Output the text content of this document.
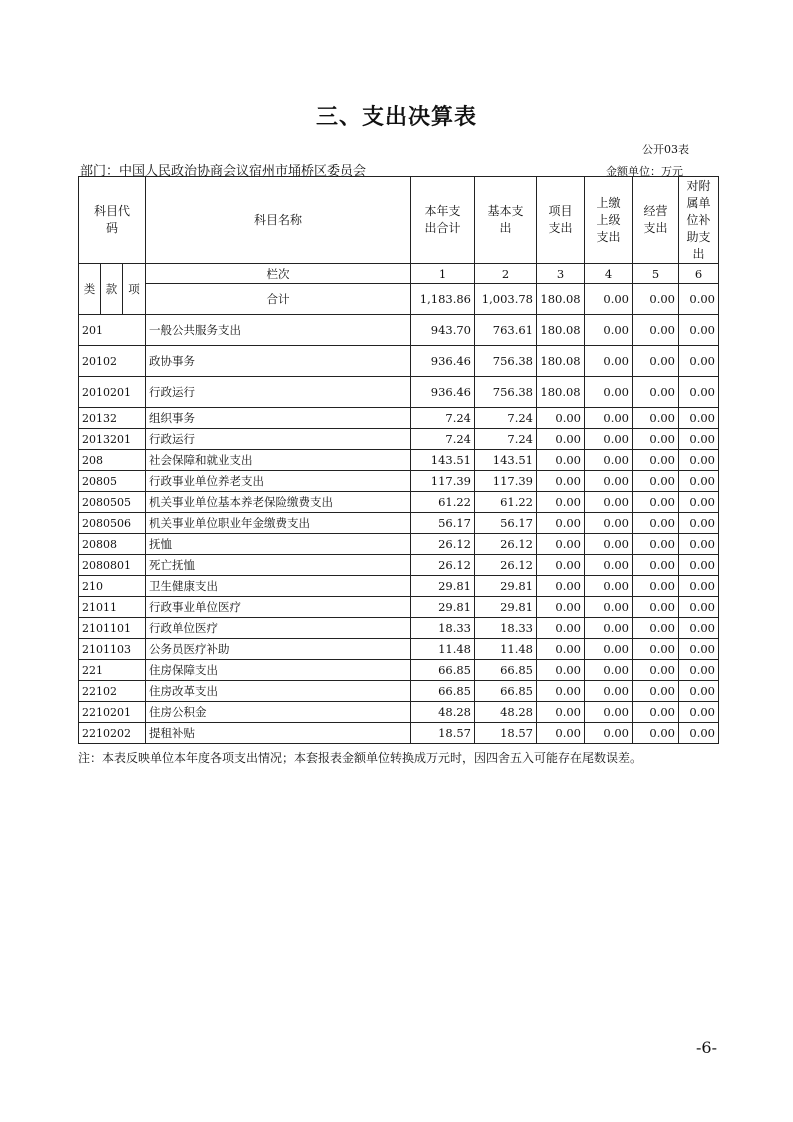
三、支出决算表
公开03表
部门：中国人民政治协商会议宿州市埇桥区委员会	金额单位：万元
科目代码			科目名称	本年支出合计	基本支出	项目支出	上缴上级支出	经营支出	对附属单位补助支出
类	款	项	栏次	1	2	3	4	5	6
			合计	1,183.86	1,003.78	180.08	0.00	0.00	0.00
201			一般公共服务支出	943.70	763.61	180.08	0.00	0.00	0.00
20102			政协事务	936.46	756.38	180.08	0.00	0.00	0.00
2010201			行政运行	936.46	756.38	180.08	0.00	0.00	0.00
20132			组织事务	7.24	7.24	0.00	0.00	0.00	0.00
2013201			行政运行	7.24	7.24	0.00	0.00	0.00	0.00
208			社会保障和就业支出	143.51	143.51	0.00	0.00	0.00	0.00
20805			行政事业单位养老支出	117.39	117.39	0.00	0.00	0.00	0.00
2080505			机关事业单位基本养老保险缴费支出	61.22	61.22	0.00	0.00	0.00	0.00
2080506			机关事业单位职业年金缴费支出	56.17	56.17	0.00	0.00	0.00	0.00
20808			抚恤	26.12	26.12	0.00	0.00	0.00	0.00
2080801			死亡抚恤	26.12	26.12	0.00	0.00	0.00	0.00
210			卫生健康支出	29.81	29.81	0.00	0.00	0.00	0.00
21011			行政事业单位医疗	29.81	29.81	0.00	0.00	0.00	0.00
2101101			行政单位医疗	18.33	18.33	0.00	0.00	0.00	0.00
2101103			公务员医疗补助	11.48	11.48	0.00	0.00	0.00	0.00
221			住房保障支出	66.85	66.85	0.00	0.00	0.00	0.00
22102			住房改革支出	66.85	66.85	0.00	0.00	0.00	0.00
2210201			住房公积金	48.28	48.28	0.00	0.00	0.00	0.00
2210202			提租补贴	18.57	18.57	0.00	0.00	0.00	0.00
注：本表反映单位本年度各项支出情况；本套报表金额单位转换成万元时，因四舍五入可能存在尾数误差。
-6-
